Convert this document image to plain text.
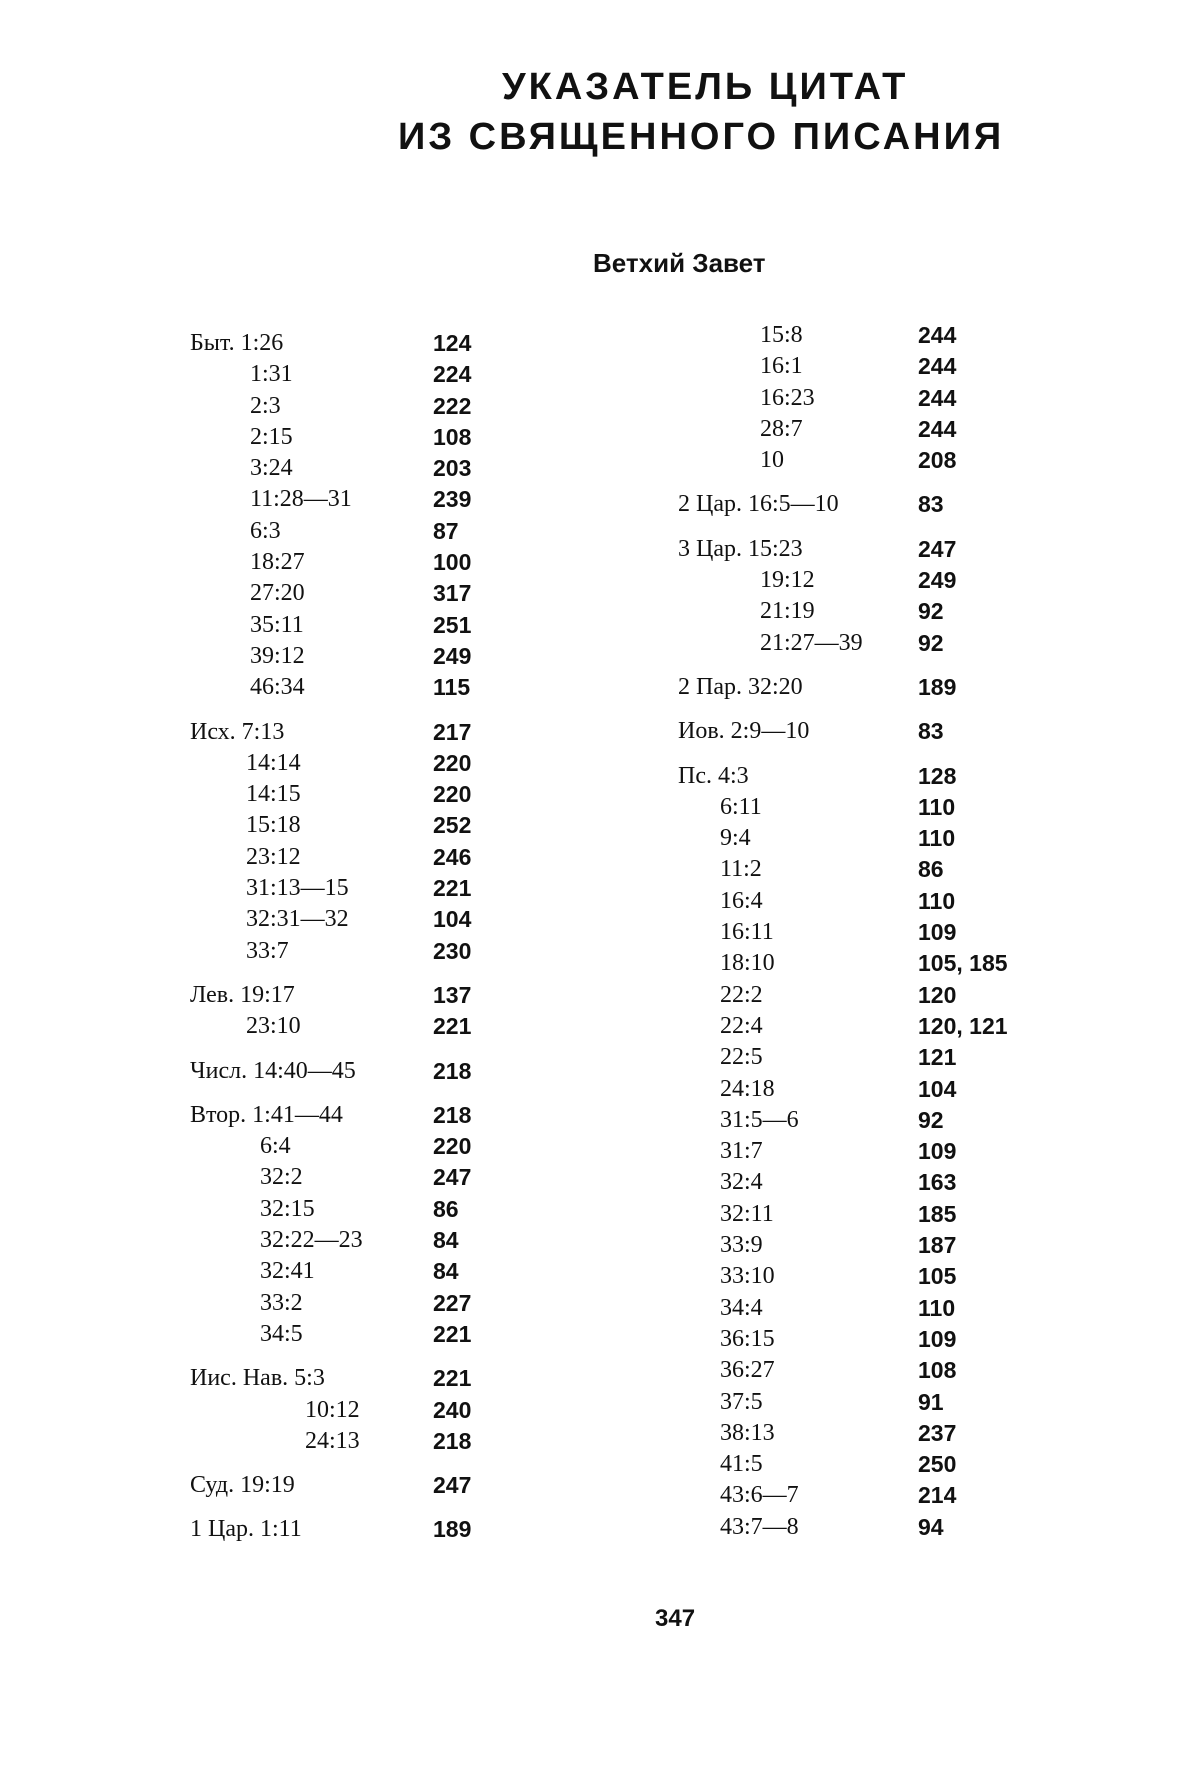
УКАЗАТЕЛЬ ЦИТАТ
ИЗ СВЯЩЕННОГО ПИСАНИЯ
Ветхий Завет
Быт. 1:26	124
1:31	224
2:3	222
2:15	108
3:24	203
11:28—31	239
6:3	87
18:27	100
27:20	317
35:11	251
39:12	249
46:34	115
Исх. 7:13	217
14:14	220
14:15	220
15:18	252
23:12	246
31:13—15	221
32:31—32	104
33:7	230
Лев. 19:17	137
23:10	221
Числ. 14:40—45	218
Втор. 1:41—44	218
6:4	220
32:2	247
32:15	86
32:22—23	84
32:41	84
33:2	227
34:5	221
Иис. Нав. 5:3	221
10:12	240
24:13	218
Суд. 19:19	247
1 Цар. 1:11	189
15:8	244
16:1	244
16:23	244
28:7	244
10	208
2 Цар. 16:5—10	83
3 Цар. 15:23	247
19:12	249
21:19	92
21:27—39 92
2 Пар. 32:20	189
Иов. 2:9—10	83
Пс. 4:3	128
6:11	110
9:4	110
11:2	86
16:4	110
16:11	109
18:10	105, 185
22:2	120
22:4	120, 121
22:5	121
24:18	104
31:5—6	92
31:7	109
32:4	163
32:11	185
33:9	187
33:10	105
34:4	110
36:15	109
36:27	108
37:5	91
38:13	237
41:5	250
43:6—7	214
43:7—8	94
347
